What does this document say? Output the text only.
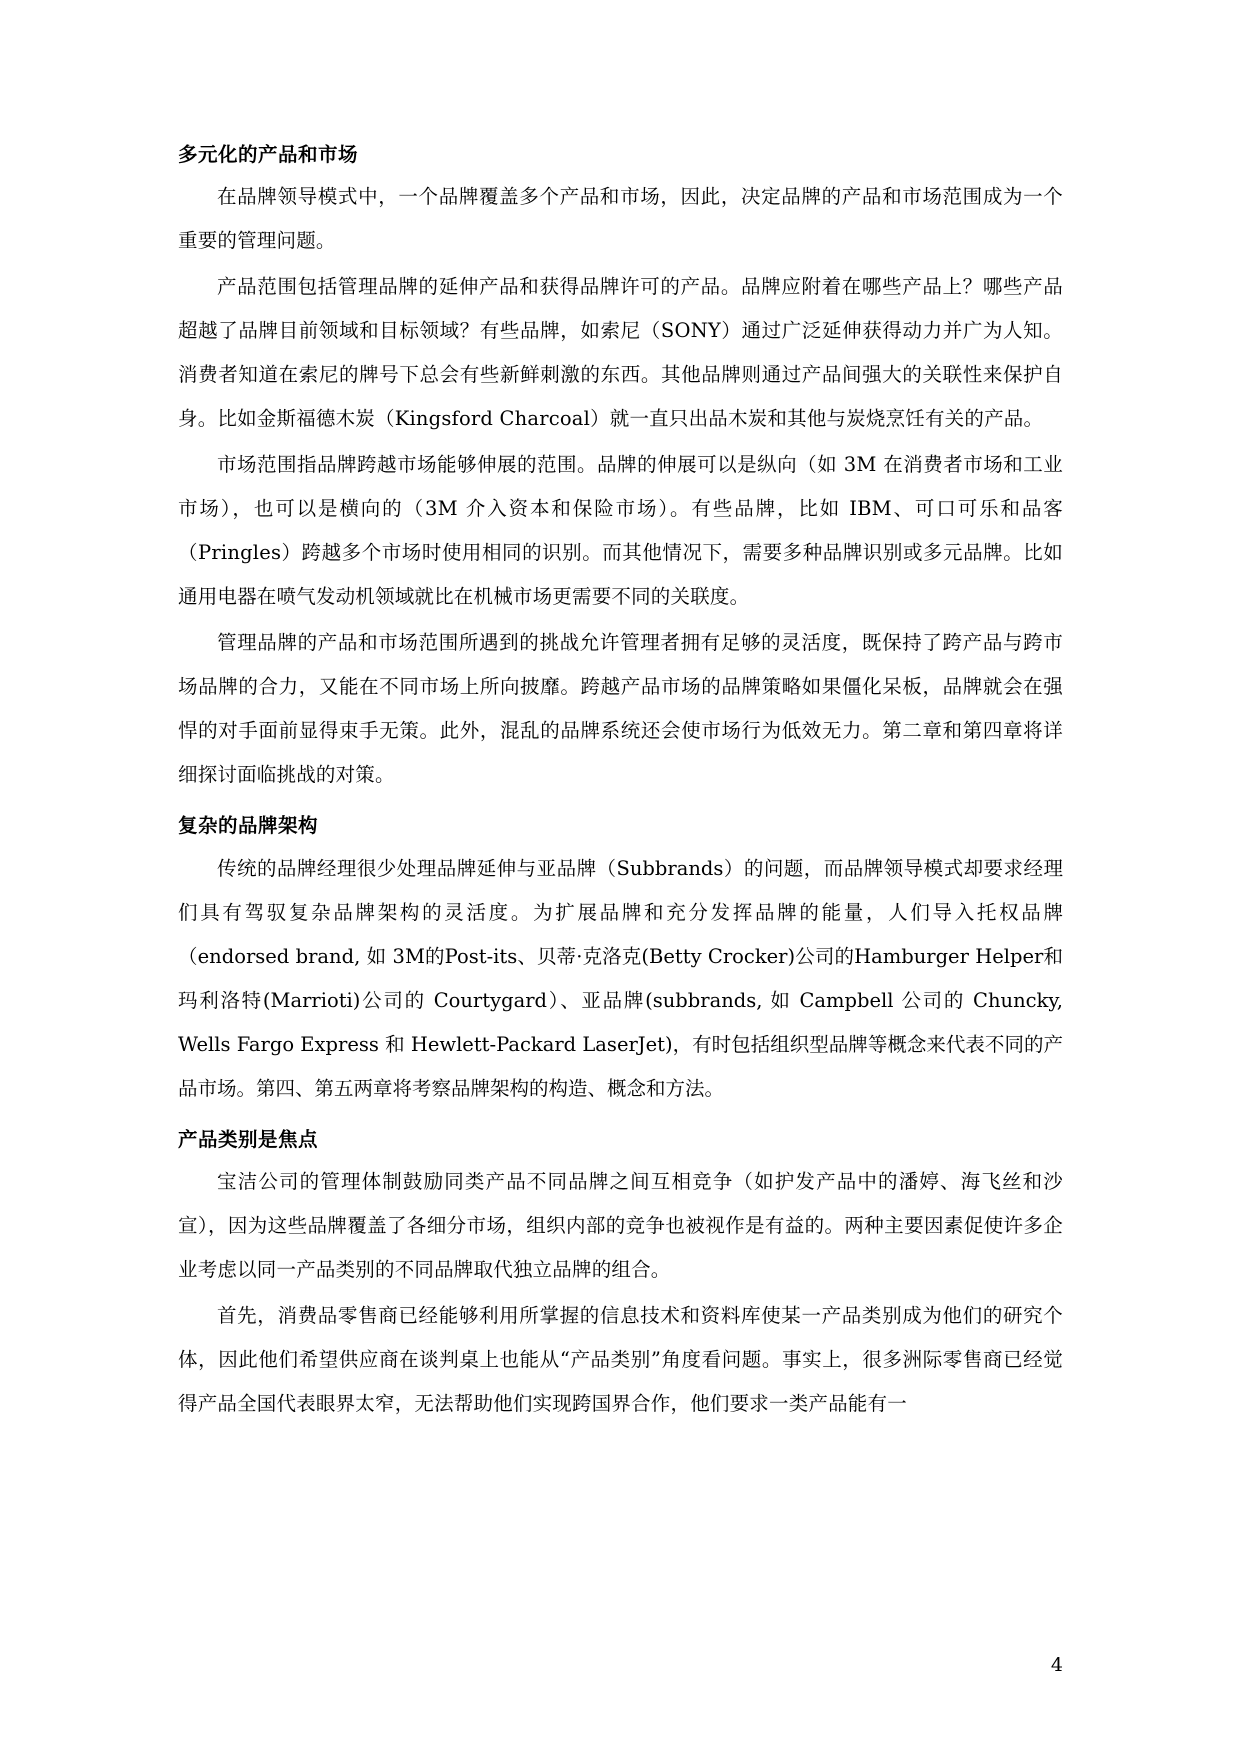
多元化的产品和市场

在品牌领导模式中，一个品牌覆盖多个产品和市场，因此，决定品牌的产品和市场范围成为一个重要的管理问题。

产品范围包括管理品牌的延伸产品和获得品牌许可的产品。品牌应附着在哪些产品上？哪些产品超越了品牌目前领域和目标领域？有些品牌，如索尼（SONY）通过广泛延伸获得动力并广为人知。消费者知道在索尼的牌号下总会有些新鲜刺激的东西。其他品牌则通过产品间强大的关联性来保护自身。比如金斯福德木炭（Kingsford Charcoal）就一直只出品木炭和其他与炭烧烹饪有关的产品。

市场范围指品牌跨越市场能够伸展的范围。品牌的伸展可以是纵向（如 3M 在消费者市场和工业市场），也可以是横向的（3M 介入资本和保险市场）。有些品牌，比如 IBM、可口可乐和品客（Pringles）跨越多个市场时使用相同的识别。而其他情况下，需要多种品牌识别或多元品牌。比如通用电器在喷气发动机领域就比在机械市场更需要不同的关联度。

管理品牌的产品和市场范围所遇到的挑战允许管理者拥有足够的灵活度，既保持了跨产品与跨市场品牌的合力，又能在不同市场上所向披靡。跨越产品市场的品牌策略如果僵化呆板，品牌就会在强悍的对手面前显得束手无策。此外，混乱的品牌系统还会使市场行为低效无力。第二章和第四章将详细探讨面临挑战的对策。

复杂的品牌架构

传统的品牌经理很少处理品牌延伸与亚品牌（Subbrands）的问题，而品牌领导模式却要求经理们具有驾驭复杂品牌架构的灵活度。为扩展品牌和充分发挥品牌的能量，人们导入托权品牌（endorsed brand, 如 3M的Post-its、贝蒂·克洛克(Betty Crocker)公司的Hamburger Helper和玛利洛特(Marrioti)公司的 Courtygard）、亚品牌(subbrands, 如 Campbell 公司的 Chuncky, Wells Fargo Express 和 Hewlett-Packard LaserJet)，有时包括组织型品牌等概念来代表不同的产品市场。第四、第五两章将考察品牌架构的构造、概念和方法。

产品类别是焦点

宝洁公司的管理体制鼓励同类产品不同品牌之间互相竞争（如护发产品中的潘婷、海飞丝和沙宣），因为这些品牌覆盖了各细分市场，组织内部的竞争也被视作是有益的。两种主要因素促使许多企业考虑以同一产品类别的不同品牌取代独立品牌的组合。

首先，消费品零售商已经能够利用所掌握的信息技术和资料库使某一产品类别成为他们的研究个体，因此他们希望供应商在谈判桌上也能从“产品类别”角度看问题。事实上，很多洲际零售商已经觉得产品全国代表眼界太窄，无法帮助他们实现跨国界合作，他们要求一类产品能有一

4
